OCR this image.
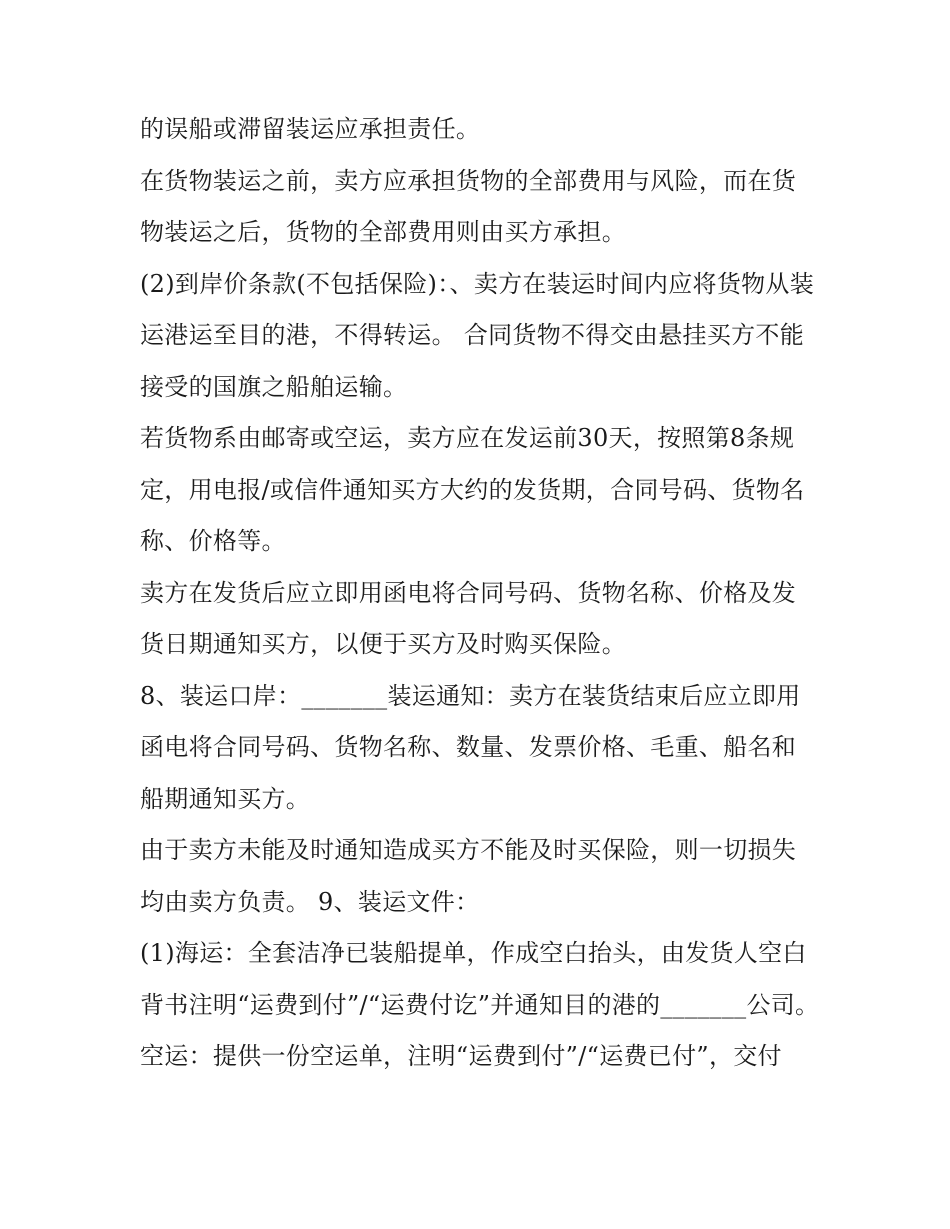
的误船或滞留装运应承担责任。

在货物装运之前，卖方应承担货物的全部费用与风险，而在货物装运之后，货物的全部费用则由买方承担。

(2)到岸价条款(不包括保险)：、卖方在装运时间内应将货物从装运港运至目的港，不得转运。 合同货物不得交由悬挂买方不能接受的国旗之船舶运输。

若货物系由邮寄或空运，卖方应在发运前30天，按照第8条规定，用电报/或信件通知买方大约的发货期，合同号码、货物名称、价格等。

卖方在发货后应立即用函电将合同号码、货物名称、价格及发货日期通知买方，以便于买方及时购买保险。

8、装运口岸：_______装运通知：卖方在装货结束后应立即用函电将合同号码、货物名称、数量、发票价格、毛重、船名和船期通知买方。

由于卖方未能及时通知造成买方不能及时买保险，则一切损失均由卖方负责。 9、装运文件：

(1)海运：全套洁净已装船提单，作成空白抬头，由发货人空白背书注明“运费到付”/“运费付讫”并通知目的港的_______公司。

空运：提供一份空运单，注明“运费到付”/“运费已付”，交付
